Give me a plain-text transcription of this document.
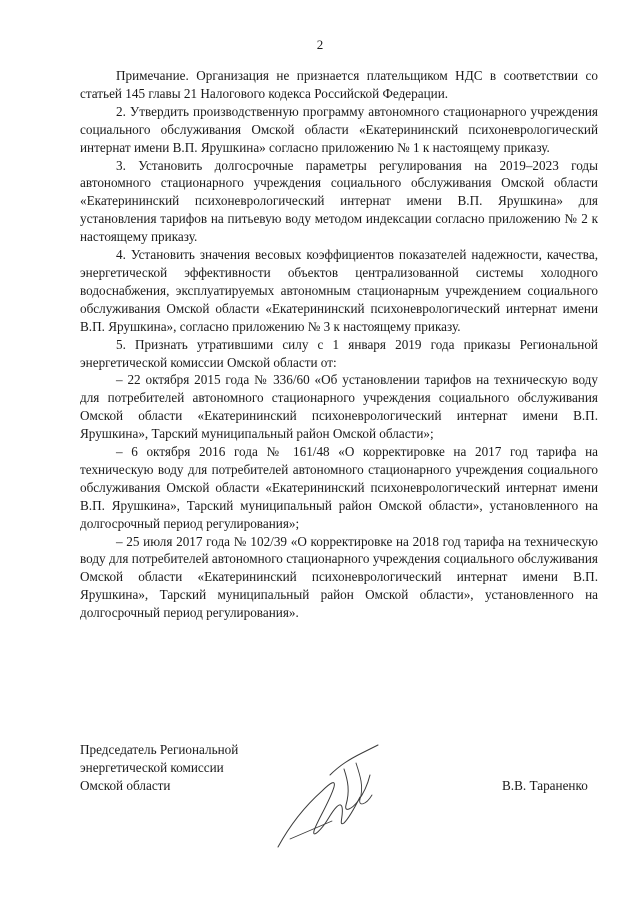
2

Примечание. Организация не признается плательщиком НДС в соответствии со статьей 145 главы 21 Налогового кодекса Российской Федерации.

2. Утвердить производственную программу автономного стационарного учреждения социального обслуживания Омской области «Екатерининский психоневрологический интернат имени В.П. Ярушкина» согласно приложению № 1 к настоящему приказу.

3. Установить долгосрочные параметры регулирования на 2019–2023 годы автономного стационарного учреждения социального обслуживания Омской области «Екатерининский психоневрологический интернат имени В.П. Ярушкина» для установления тарифов на питьевую воду методом индексации согласно приложению № 2 к настоящему приказу.

4. Установить значения весовых коэффициентов показателей надежности, качества, энергетической эффективности объектов централизованной системы холодного водоснабжения, эксплуатируемых автономным стационарным учреждением социального обслуживания Омской области «Екатерининский психоневрологический интернат имени В.П. Ярушкина», согласно приложению № 3 к настоящему приказу.

5. Признать утратившими силу с 1 января 2019 года приказы Региональной энергетической комиссии Омской области от:

– 22 октября 2015 года № 336/60 «Об установлении тарифов на техническую воду для потребителей автономного стационарного учреждения социального обслуживания Омской области «Екатерининский психоневрологический интернат имени В.П. Ярушкина», Тарский муниципальный район Омской области»;

– 6 октября 2016 года № 161/48 «О корректировке на 2017 год тарифа на техническую воду для потребителей автономного стационарного учреждения социального обслуживания Омской области «Екатерининский психоневрологический интернат имени В.П. Ярушкина», Тарский муниципальный район Омской области», установленного на долгосрочный период регулирования»;

– 25 июля 2017 года № 102/39 «О корректировке на 2018 год тарифа на техническую воду для потребителей автономного стационарного учреждения социального обслуживания Омской области «Екатерининский психоневрологический интернат имени В.П. Ярушкина», Тарский муниципальный район Омской области», установленного на долгосрочный период регулирования».

Председатель Региональной
энергетической комиссии
Омской области	В.В. Тараненко
